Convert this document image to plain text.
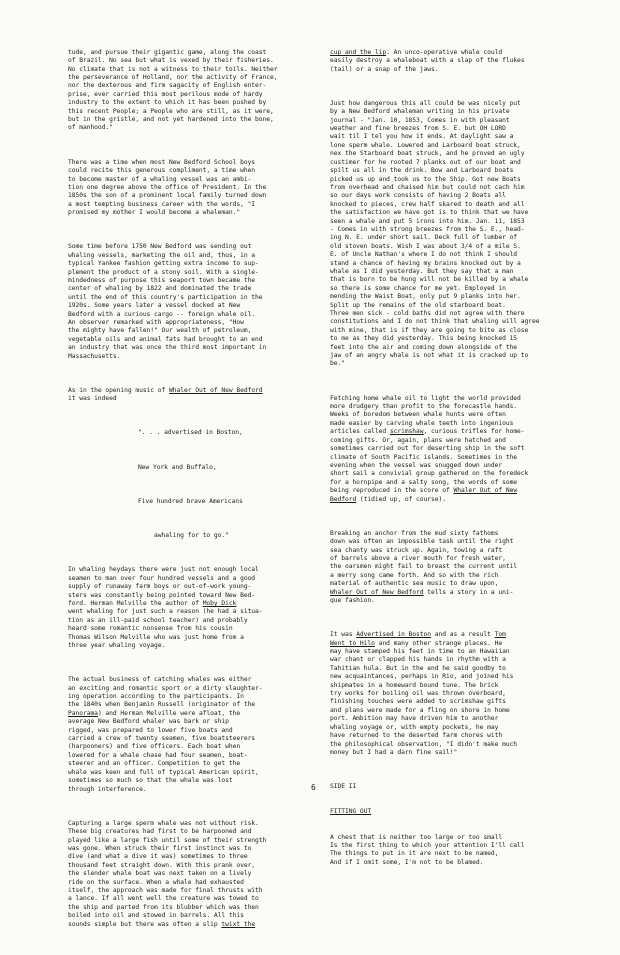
tude, and pursue their gigantic game, along the coast
of Brazil. No sea but what is vexed by their fisheries.
No climate that is not a witness to their toils. Neither
the perseverance of Holland, nor the activity of France,
nor the dexterous and firm sagacity of English enter-
prise, ever carried this most perilous mode of hardy
industry to the extent to which it has been pushed by
this recent People; a People who are still, as it were,
but in the gristle, and not yet hardened into the bone,
of manhood."

There was a time when most New Bedford School boys
could recite this generous compliment, a time when
to become master of a whaling vessel was an ambi-
tion one degree above the office of President. In the
1850s the son of a prominent local family turned down
a most tempting business career with the words, "I
promised my mother I would become a whaleman."

Some time before 1750 New Bedford was sending out
whaling vessels, marketing the oil and, thus, in a
typical Yankee fashion getting extra income to sup-
plement the product of a stony soil. With a single-
mindedness of purpose this seaport town became the
center of whaling by 1822 and dominated the trade
until the end of this country's participation in the
1920s. Some years later a vessel docked at New
Bedford with a curious cargo -- foreign whale oil.
An observer remarked with appropriateness, "How
the mighty have fallen!" Our wealth of petroleum,
vegetable oils and animal fats had brought to an end
an industry that was once the third most important in
Massachusetts.

As in the opening music of Whaler Out of New Bedford
it was indeed

". . . advertised in Boston,

New York and Buffalo,

Five hundred brave Americans

awhaling for to go."

In whaling heydays there were just not enough local
seamen to man over four hundred vessels and a good
supply of runaway farm boys or out-of-work young-
sters was constantly being pointed toward New Bed-
ford. Herman Melville the author of Moby Dick
went whaling for just such a reason (he had a situa-
tion as an ill-paid school teacher) and probably
heard some romantic nonsense from his cousin
Thomas Wilson Melville who was just home from a
three year whaling voyage.

The actual business of catching whales was either
an exciting and romantic sport or a dirty slaughter-
ing operation according to the participants. In
the 1840s when Benjamin Russell (originator of the
Panorama) and Herman Melville were afloat, the
average New Bedford whaler was bark or ship
rigged, was prepared to lower five boats and
carried a crew of twenty seamen, five boatsteerers
(harpooners) and five officers. Each boat when
lowered for a whale chase had four seamen, boat-
steerer and an officer. Competition to get the
whale was keen and full of typical American spirit,
sometimes so much so that the whale was lost
through interference.

Capturing a large sperm whale was not without risk.
These big creatures had first to be harpooned and
played like a large fish until some of their strength
was gone. When struck their first instinct was to
dive (and what a dive it was) sometimes to three
thousand feet straight down. With this prank over,
the slender whale boat was next taken on a lively
ride on the surface. When a whale had exhausted
itself, the approach was made for final thrusts with
a lance. If all went well the creature was towed to
the ship and parted from its blubber which was then
boiled into oil and stowed in barrels. All this
sounds simple but there was often a slip twixt the

cup and the lip. An unco-operative whale could
easily destroy a whaleboat with a slap of the flukes
(tail) or a snap of the jaws.

Just how dangerous this all could be was nicely put
by a New Bedford whaleman writing in his private
journal - "Jan. 10, 1853, Comes in with pleasant
weather and fine breezes from S. E. but OH LORD
wait til I tel you how it ends. At daylight saw a
lone sperm whale. Lowered and Larboard boat struck,
nex the Starboard boat struck, and he proved an ugly
custimer for he rooted 7 planks out of our boat and
spilt us all in the drink. Bow and Larboard boats
picked us up and took us to the Ship. Got new Boats
from overhead and chaised him but could not cach him
so our days work consists of having 2 Boats all
knocked to pieces, crew half skared to death and all
the satisfaction we have got is to think that we have
seen a whale and put 5 irons into him. Jan. 11, 1853
- Comes in with strong breezes from the S. E., head-
ing N. E. under short sail. Deck full of lumber of
old stoven boats. Wish I was about 3/4 of a mile S.
E. of Uncle Nathan's where I do not think I should
stand a chance of having my brains knocked out by a
whale as I did yesterday. But they say that a man
that is born to be hung will not be killed by a whale
so there is some chance for me yet. Employed in
mending the Waist Boat, only put 9 planks into her.
Split up the remains of the old starboard boat.
Three men sick - cold baths did not agree with there
constitutions and I do not think that whaling will agree
with mine, that is if they are going to bite as close
to me as they did yesterday. This being knocked 15
feet into the air and coming down alongside of the
jaw of an angry whale is not what it is cracked up to
be."

Fetching home whale oil to light the world provided
more drudgery than profit to the forecastle hands.
Weeks of boredom between whale hunts were often
made easier by carving whale teeth into ingenious
articles called scrimshaw, curious trifles for home-
coming gifts. Or, again, plans were hatched and
sometimes carried out for deserting ship in the soft
climate of South Pacific islands. Sometimes in the
evening when the vessel was snugged down under
short sail a convivial group gathered on the foredeck
for a hornpipe and a salty song, the words of some
being reproduced in the score of Whaler Out of New
Bedford (tidied up, of course).

Breaking an anchor from the mud sixty fathoms
down was often an impossible task until the right
sea chanty was struck up. Again, towing a raft
of barrels above a river mouth for fresh water,
the oarsmen might fail to breast the current until
a merry song came forth. And so with the rich
material of authentic sea music to draw upon,
Whaler Out of New Bedford tells a story in a uni-
que fashion.

It was Advertised in Boston and as a result Tom
Went to Hilo and many other strange places. He
may have stamped his feet in time to an Hawaiian
war chant or clapped his hands in rhythm with a
Tahitian hula. But in the end he said goodby to
new acquaintances, perhaps in Rio, and joined his
shipmates in a homeward bound tune. The brick
try works for boiling oil was thrown overboard,
finishing touches were added to scrimshaw gifts
and plans were made for a fling on shore in home
port. Ambition may have driven him to another
whaling voyage or, with empty pockets, he may
have returned to the deserted farm chores with
the philosophical observation, "I didn't make much
money but I had a darn fine sail!"

SIDE II

FITTING OUT

A chest that is neither too large or too small
Is the first thing to which your attention I'll call
The things to put in it are next to be named,
And if I omit some, I'm not to be blamed.

6
